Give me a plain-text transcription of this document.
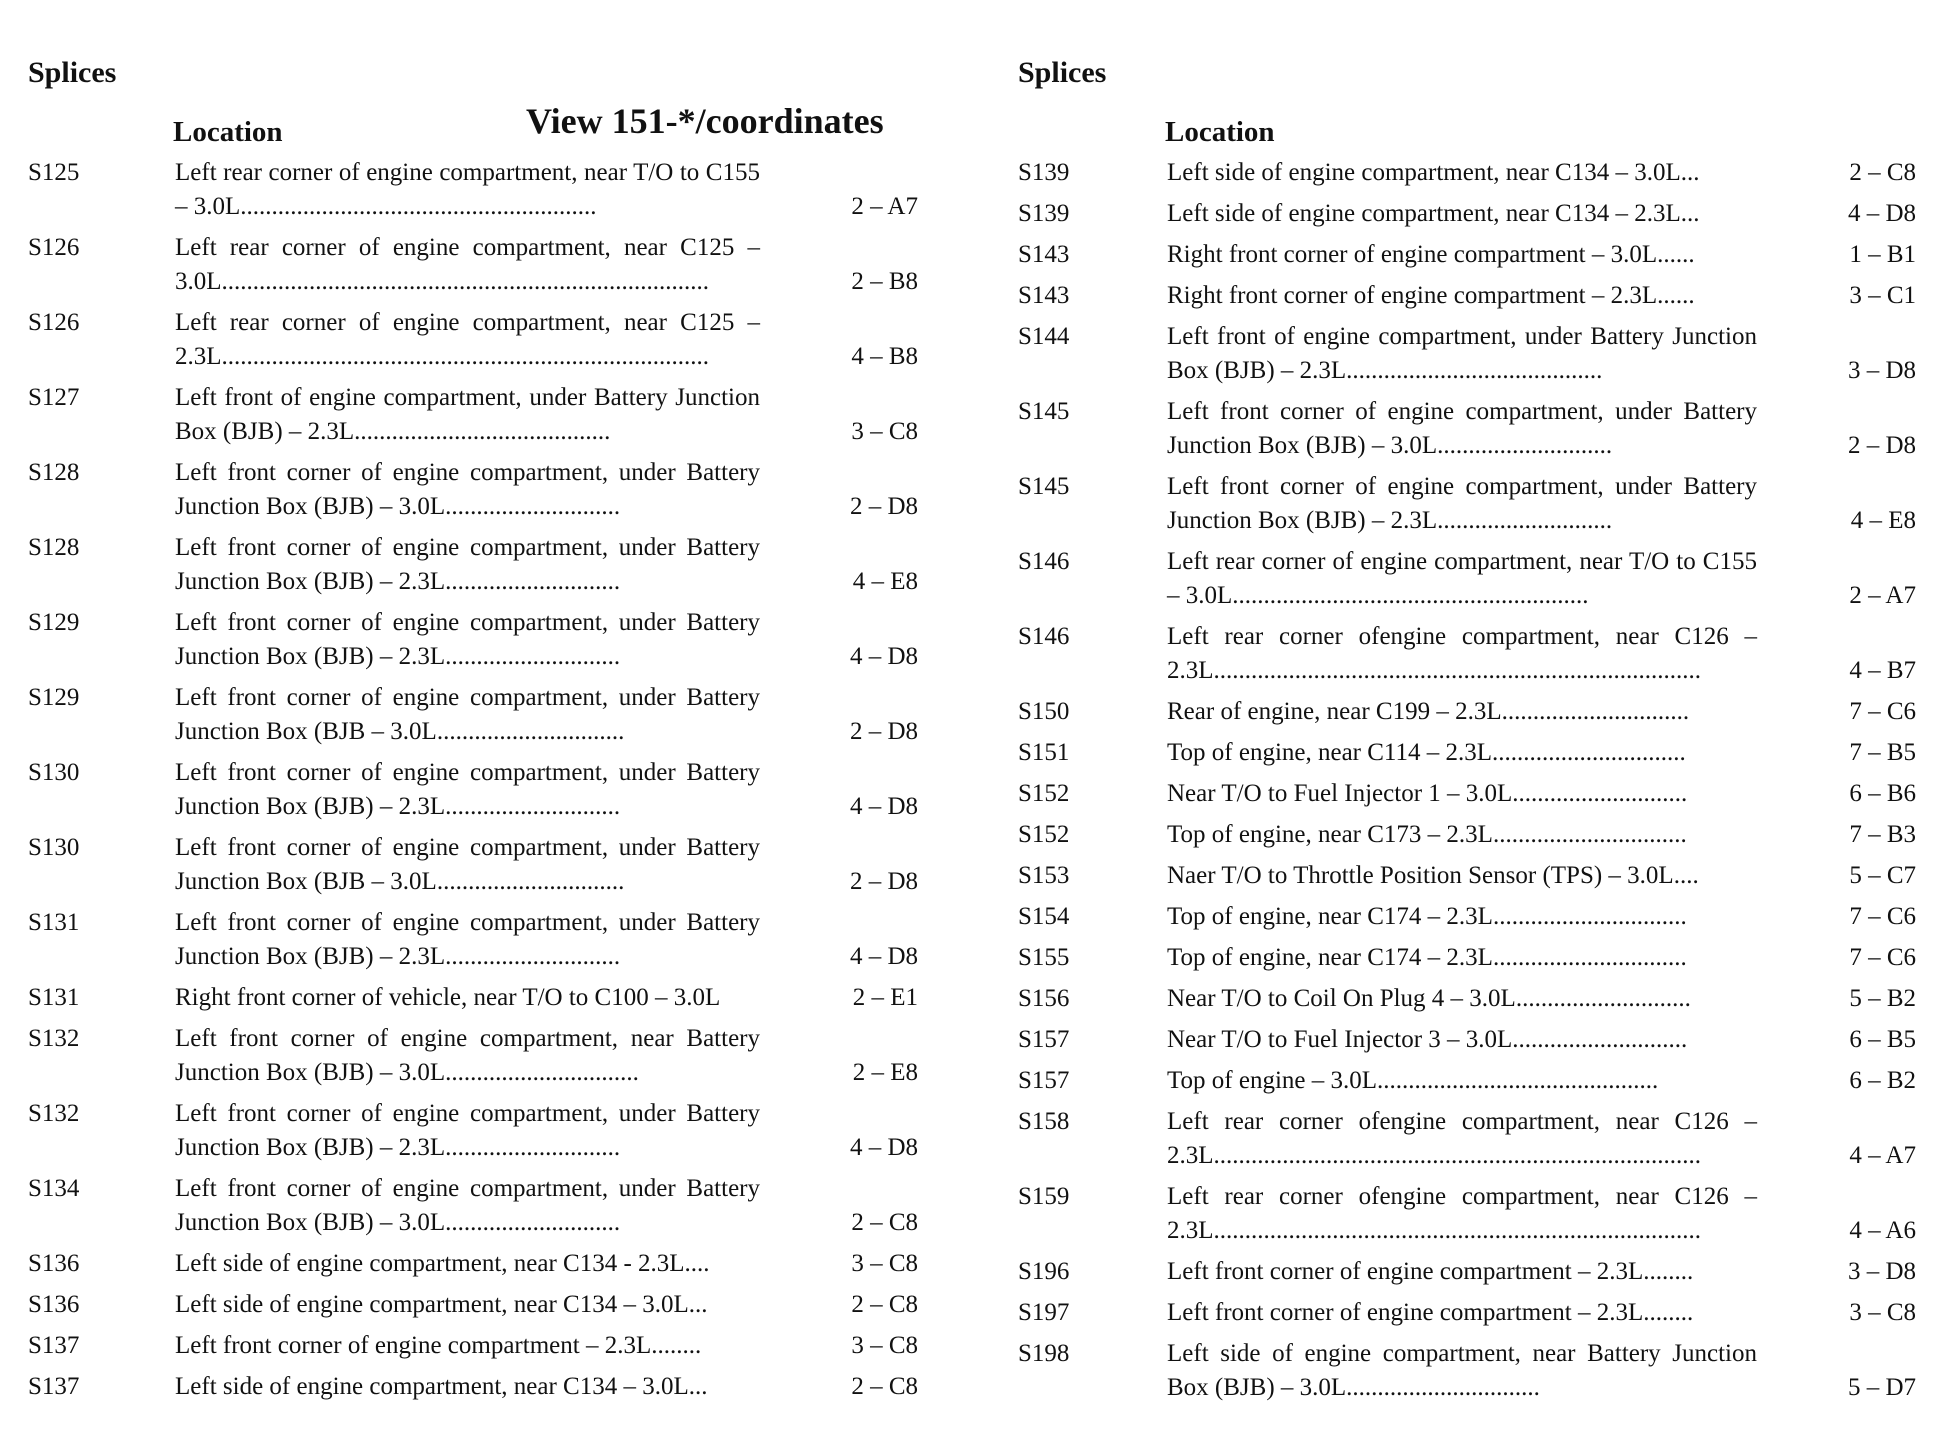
Splices
Location	View 151-*/coordinates
S125	Left rear corner of engine compartment, near T/O to C155 – 3.0L.........................................................	2 – A7
S126	Left rear corner of engine compartment, near C125 – 3.0L..............................................................................	2 – B8
S126	Left rear corner of engine compartment, near C125 – 2.3L..............................................................................	4 – B8
S127	Left front of engine compartment, under Battery Junction Box (BJB) – 2.3L.........................................	3 – C8
S128	Left front corner of engine compartment, under Battery Junction Box (BJB) – 3.0L............................	2 – D8
S128	Left front corner of engine compartment, under Battery Junction Box (BJB) – 2.3L............................	4 – E8
S129	Left front corner of engine compartment, under Battery Junction Box (BJB) – 2.3L............................	4 – D8
S129	Left front corner of engine compartment, under Battery Junction Box (BJB – 3.0L..............................	2 – D8
S130	Left front corner of engine compartment, under Battery Junction Box (BJB) – 2.3L............................	4 – D8
S130	Left front corner of engine compartment, under Battery Junction Box (BJB – 3.0L..............................	2 – D8
S131	Left front corner of engine compartment, under Battery Junction Box (BJB) – 2.3L............................	4 – D8
S131	Right front corner of vehicle, near T/O to C100 – 3.0L	2 – E1
S132	Left front corner of engine compartment, near Battery Junction Box (BJB) – 3.0L...............................	2 – E8
S132	Left front corner of engine compartment, under Battery Junction Box (BJB) – 2.3L............................	4 – D8
S134	Left front corner of engine compartment, under Battery Junction Box (BJB) – 3.0L............................	2 – C8
S136	Left side of engine compartment, near C134 - 2.3L....	3 – C8
S136	Left side of engine compartment, near C134 – 3.0L...	2 – C8
S137	Left front corner of engine compartment – 2.3L........	3 – C8
S137	Left side of engine compartment, near C134 – 3.0L...	2 – C8
Splices
Location
S139	Left side of engine compartment, near C134 – 3.0L...	2 – C8
S139	Left side of engine compartment, near C134 – 2.3L...	4 – D8
S143	Right front corner of engine compartment – 3.0L......	1 – B1
S143	Right front corner of engine compartment – 2.3L......	3 – C1
S144	Left front of engine compartment, under Battery Junction Box (BJB) – 2.3L.........................................	3 – D8
S145	Left front corner of engine compartment, under Battery Junction Box (BJB) – 3.0L............................	2 – D8
S145	Left front corner of engine compartment, under Battery Junction Box (BJB) – 2.3L............................	4 – E8
S146	Left rear corner of engine compartment, near T/O to C155 – 3.0L.........................................................	2 – A7
S146	Left rear corner ofengine compartment, near C126 – 2.3L..............................................................................	4 – B7
S150	Rear of engine, near C199 – 2.3L..............................	7 – C6
S151	Top of engine, near C114 – 2.3L...............................	7 – B5
S152	Near T/O to Fuel Injector 1 – 3.0L............................	6 – B6
S152	Top of engine, near C173 – 2.3L...............................	7 – B3
S153	Naer T/O to Throttle Position Sensor (TPS) – 3.0L....	5 – C7
S154	Top of engine, near C174 – 2.3L...............................	7 – C6
S155	Top of engine, near C174 – 2.3L...............................	7 – C6
S156	Near T/O to Coil On Plug 4 – 3.0L............................	5 – B2
S157	Near T/O to Fuel Injector 3 – 3.0L............................	6 – B5
S157	Top of engine – 3.0L.............................................	6 – B2
S158	Left rear corner ofengine compartment, near C126 – 2.3L..............................................................................	4 – A7
S159	Left rear corner ofengine compartment, near C126 – 2.3L..............................................................................	4 – A6
S196	Left front corner of engine compartment – 2.3L........	3 – D8
S197	Left front corner of engine compartment – 2.3L........	3 – C8
S198	Left side of engine compartment, near Battery Junction Box (BJB) – 3.0L...............................	5 – D7
